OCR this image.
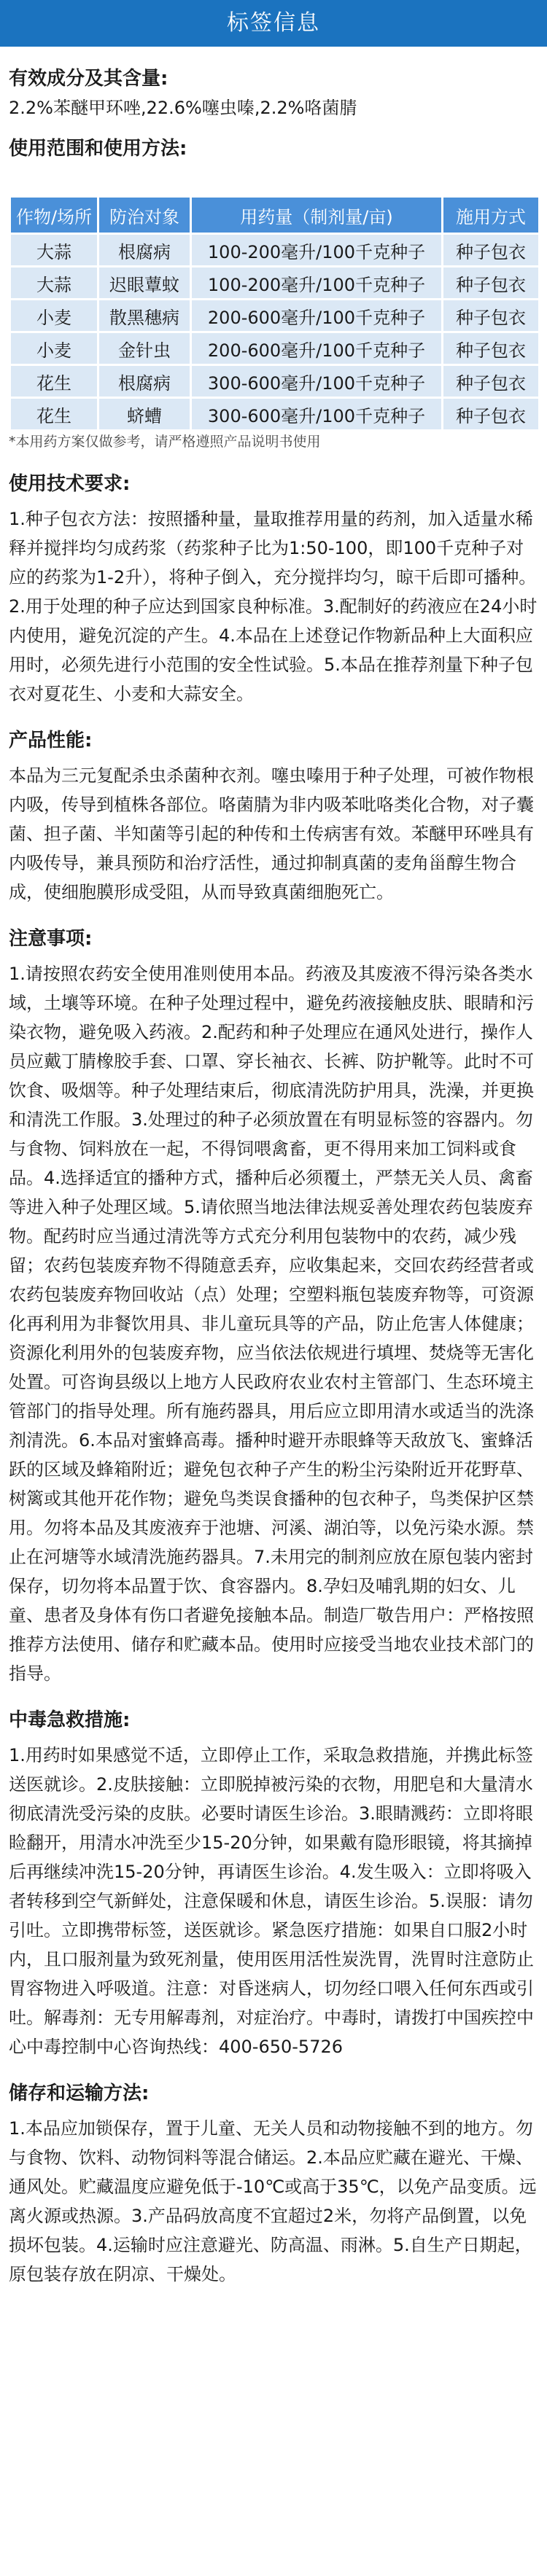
标签信息
有效成分及其含量:
2.2%苯醚甲环唑,22.6%噻虫嗪,2.2%咯菌腈
使用范围和使用方法:
作物/场所	防治对象	用药量（制剂量/亩)	施用方式
大蒜	根腐病	100-200毫升/100千克种子	种子包衣
大蒜	迟眼蕈蚊	100-200毫升/100千克种子	种子包衣
小麦	散黑穗病	200-600毫升/100千克种子	种子包衣
小麦	金针虫	200-600毫升/100千克种子	种子包衣
花生	根腐病	300-600毫升/100千克种子	种子包衣
花生	蛴螬	300-600毫升/100千克种子	种子包衣
*本用药方案仅做参考，请严格遵照产品说明书使用
使用技术要求:
1.种子包衣方法：按照播种量，量取推荐用量的药剂，加入适量水稀释并搅拌均匀成药浆（药浆种子比为1:50-100，即100千克种子对应的药浆为1-2升），将种子倒入，充分搅拌均匀，晾干后即可播种。2.用于处理的种子应达到国家良种标准。3.配制好的药液应在24小时内使用，避免沉淀的产生。4.本品在上述登记作物新品种上大面积应用时，必须先进行小范围的安全性试验。5.本品在推荐剂量下种子包衣对夏花生、小麦和大蒜安全。
产品性能:
本品为三元复配杀虫杀菌种衣剂。噻虫嗪用于种子处理，可被作物根内吸，传导到植株各部位。咯菌腈为非内吸苯吡咯类化合物，对子囊菌、担子菌、半知菌等引起的种传和土传病害有效。苯醚甲环唑具有内吸传导，兼具预防和治疗活性，通过抑制真菌的麦角甾醇生物合成，使细胞膜形成受阻，从而导致真菌细胞死亡。
注意事项:
1.请按照农药安全使用准则使用本品。药液及其废液不得污染各类水域，土壤等环境。在种子处理过程中，避免药液接触皮肤、眼睛和污染衣物，避免吸入药液。2.配药和种子处理应在通风处进行，操作人员应戴丁腈橡胶手套、口罩、穿长袖衣、长裤、防护靴等。此时不可饮食、吸烟等。种子处理结束后，彻底清洗防护用具，洗澡，并更换和清洗工作服。3.处理过的种子必须放置在有明显标签的容器内。勿与食物、饲料放在一起，不得饲喂禽畜，更不得用来加工饲料或食品。4.选择适宜的播种方式，播种后必须覆土，严禁无关人员、禽畜等进入种子处理区域。5.请依照当地法律法规妥善处理农药包装废弃物。配药时应当通过清洗等方式充分利用包装物中的农药，减少残留；农药包装废弃物不得随意丢弃，应收集起来，交回农药经营者或农药包装废弃物回收站（点）处理；空塑料瓶包装废弃物等，可资源化再利用为非餐饮用具、非儿童玩具等的产品，防止危害人体健康；资源化利用外的包装废弃物，应当依法依规进行填埋、焚烧等无害化处置。可咨询县级以上地方人民政府农业农村主管部门、生态环境主管部门的指导处理。所有施药器具，用后应立即用清水或适当的洗涤剂清洗。6.本品对蜜蜂高毒。播种时避开赤眼蜂等天敌放飞、蜜蜂活跃的区域及蜂箱附近；避免包衣种子产生的粉尘污染附近开花野草、树篱或其他开花作物；避免鸟类误食播种的包衣种子，鸟类保护区禁用。勿将本品及其废液弃于池塘、河溪、湖泊等，以免污染水源。禁止在河塘等水域清洗施药器具。7.未用完的制剂应放在原包装内密封保存，切勿将本品置于饮、食容器内。8.孕妇及哺乳期的妇女、儿童、患者及身体有伤口者避免接触本品。制造厂敬告用户：严格按照推荐方法使用、储存和贮藏本品。使用时应接受当地农业技术部门的指导。
中毒急救措施:
1.用药时如果感觉不适，立即停止工作，采取急救措施，并携此标签送医就诊。2.皮肤接触：立即脱掉被污染的衣物，用肥皂和大量清水彻底清洗受污染的皮肤。必要时请医生诊治。3.眼睛溅药：立即将眼睑翻开，用清水冲洗至少15-20分钟，如果戴有隐形眼镜，将其摘掉后再继续冲洗15-20分钟，再请医生诊治。4.发生吸入：立即将吸入者转移到空气新鲜处，注意保暖和休息，请医生诊治。5.误服：请勿引吐。立即携带标签，送医就诊。紧急医疗措施：如果自口服2小时内，且口服剂量为致死剂量，使用医用活性炭洗胃，洗胃时注意防止胃容物进入呼吸道。注意：对昏迷病人，切勿经口喂入任何东西或引吐。解毒剂：无专用解毒剂，对症治疗。中毒时，请拨打中国疾控中心中毒控制中心咨询热线：400-650-5726
储存和运输方法:
1.本品应加锁保存，置于儿童、无关人员和动物接触不到的地方。勿与食物、饮料、动物饲料等混合储运。2.本品应贮藏在避光、干燥、通风处。贮藏温度应避免低于-10℃或高于35℃，以免产品变质。远离火源或热源。3.产品码放高度不宜超过2米，勿将产品倒置，以免损坏包装。4.运输时应注意避光、防高温、雨淋。5.自生产日期起，原包装存放在阴凉、干燥处。
